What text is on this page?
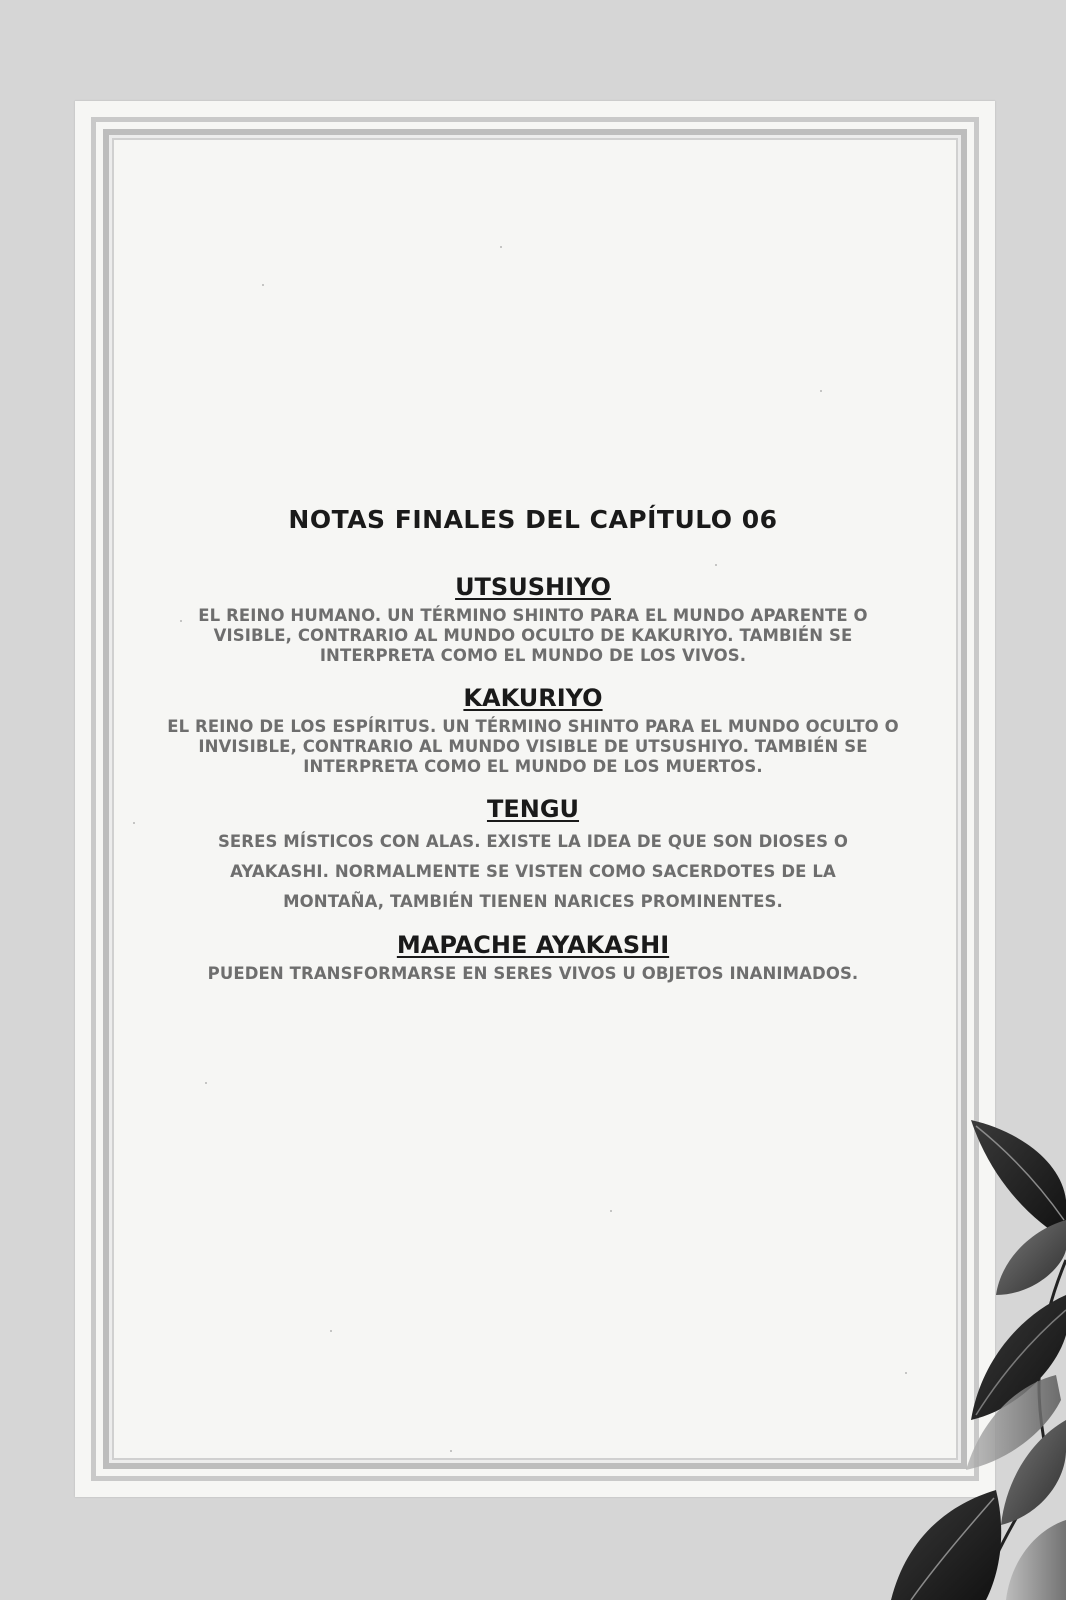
NOTAS FINALES DEL CAPÍTULO 06
UTSUSHIYO
EL REINO HUMANO. UN TÉRMINO SHINTO PARA EL MUNDO APARENTE O VISIBLE, CONTRARIO AL MUNDO OCULTO DE KAKURIYO. TAMBIÉN SE INTERPRETA COMO EL MUNDO DE LOS VIVOS.
KAKURIYO
EL REINO DE LOS ESPÍRITUS. UN TÉRMINO SHINTO PARA EL MUNDO OCULTO O INVISIBLE, CONTRARIO AL MUNDO VISIBLE DE UTSUSHIYO. TAMBIÉN SE INTERPRETA COMO EL MUNDO DE LOS MUERTOS.
TENGU
SERES MÍSTICOS CON ALAS. EXISTE LA IDEA DE QUE SON DIOSES O AYAKASHI. NORMALMENTE SE VISTEN COMO SACERDOTES DE LA MONTAÑA, TAMBIÉN TIENEN NARICES PROMINENTES.
MAPACHE AYAKASHI
PUEDEN TRANSFORMARSE EN SERES VIVOS U OBJETOS INANIMADOS.
